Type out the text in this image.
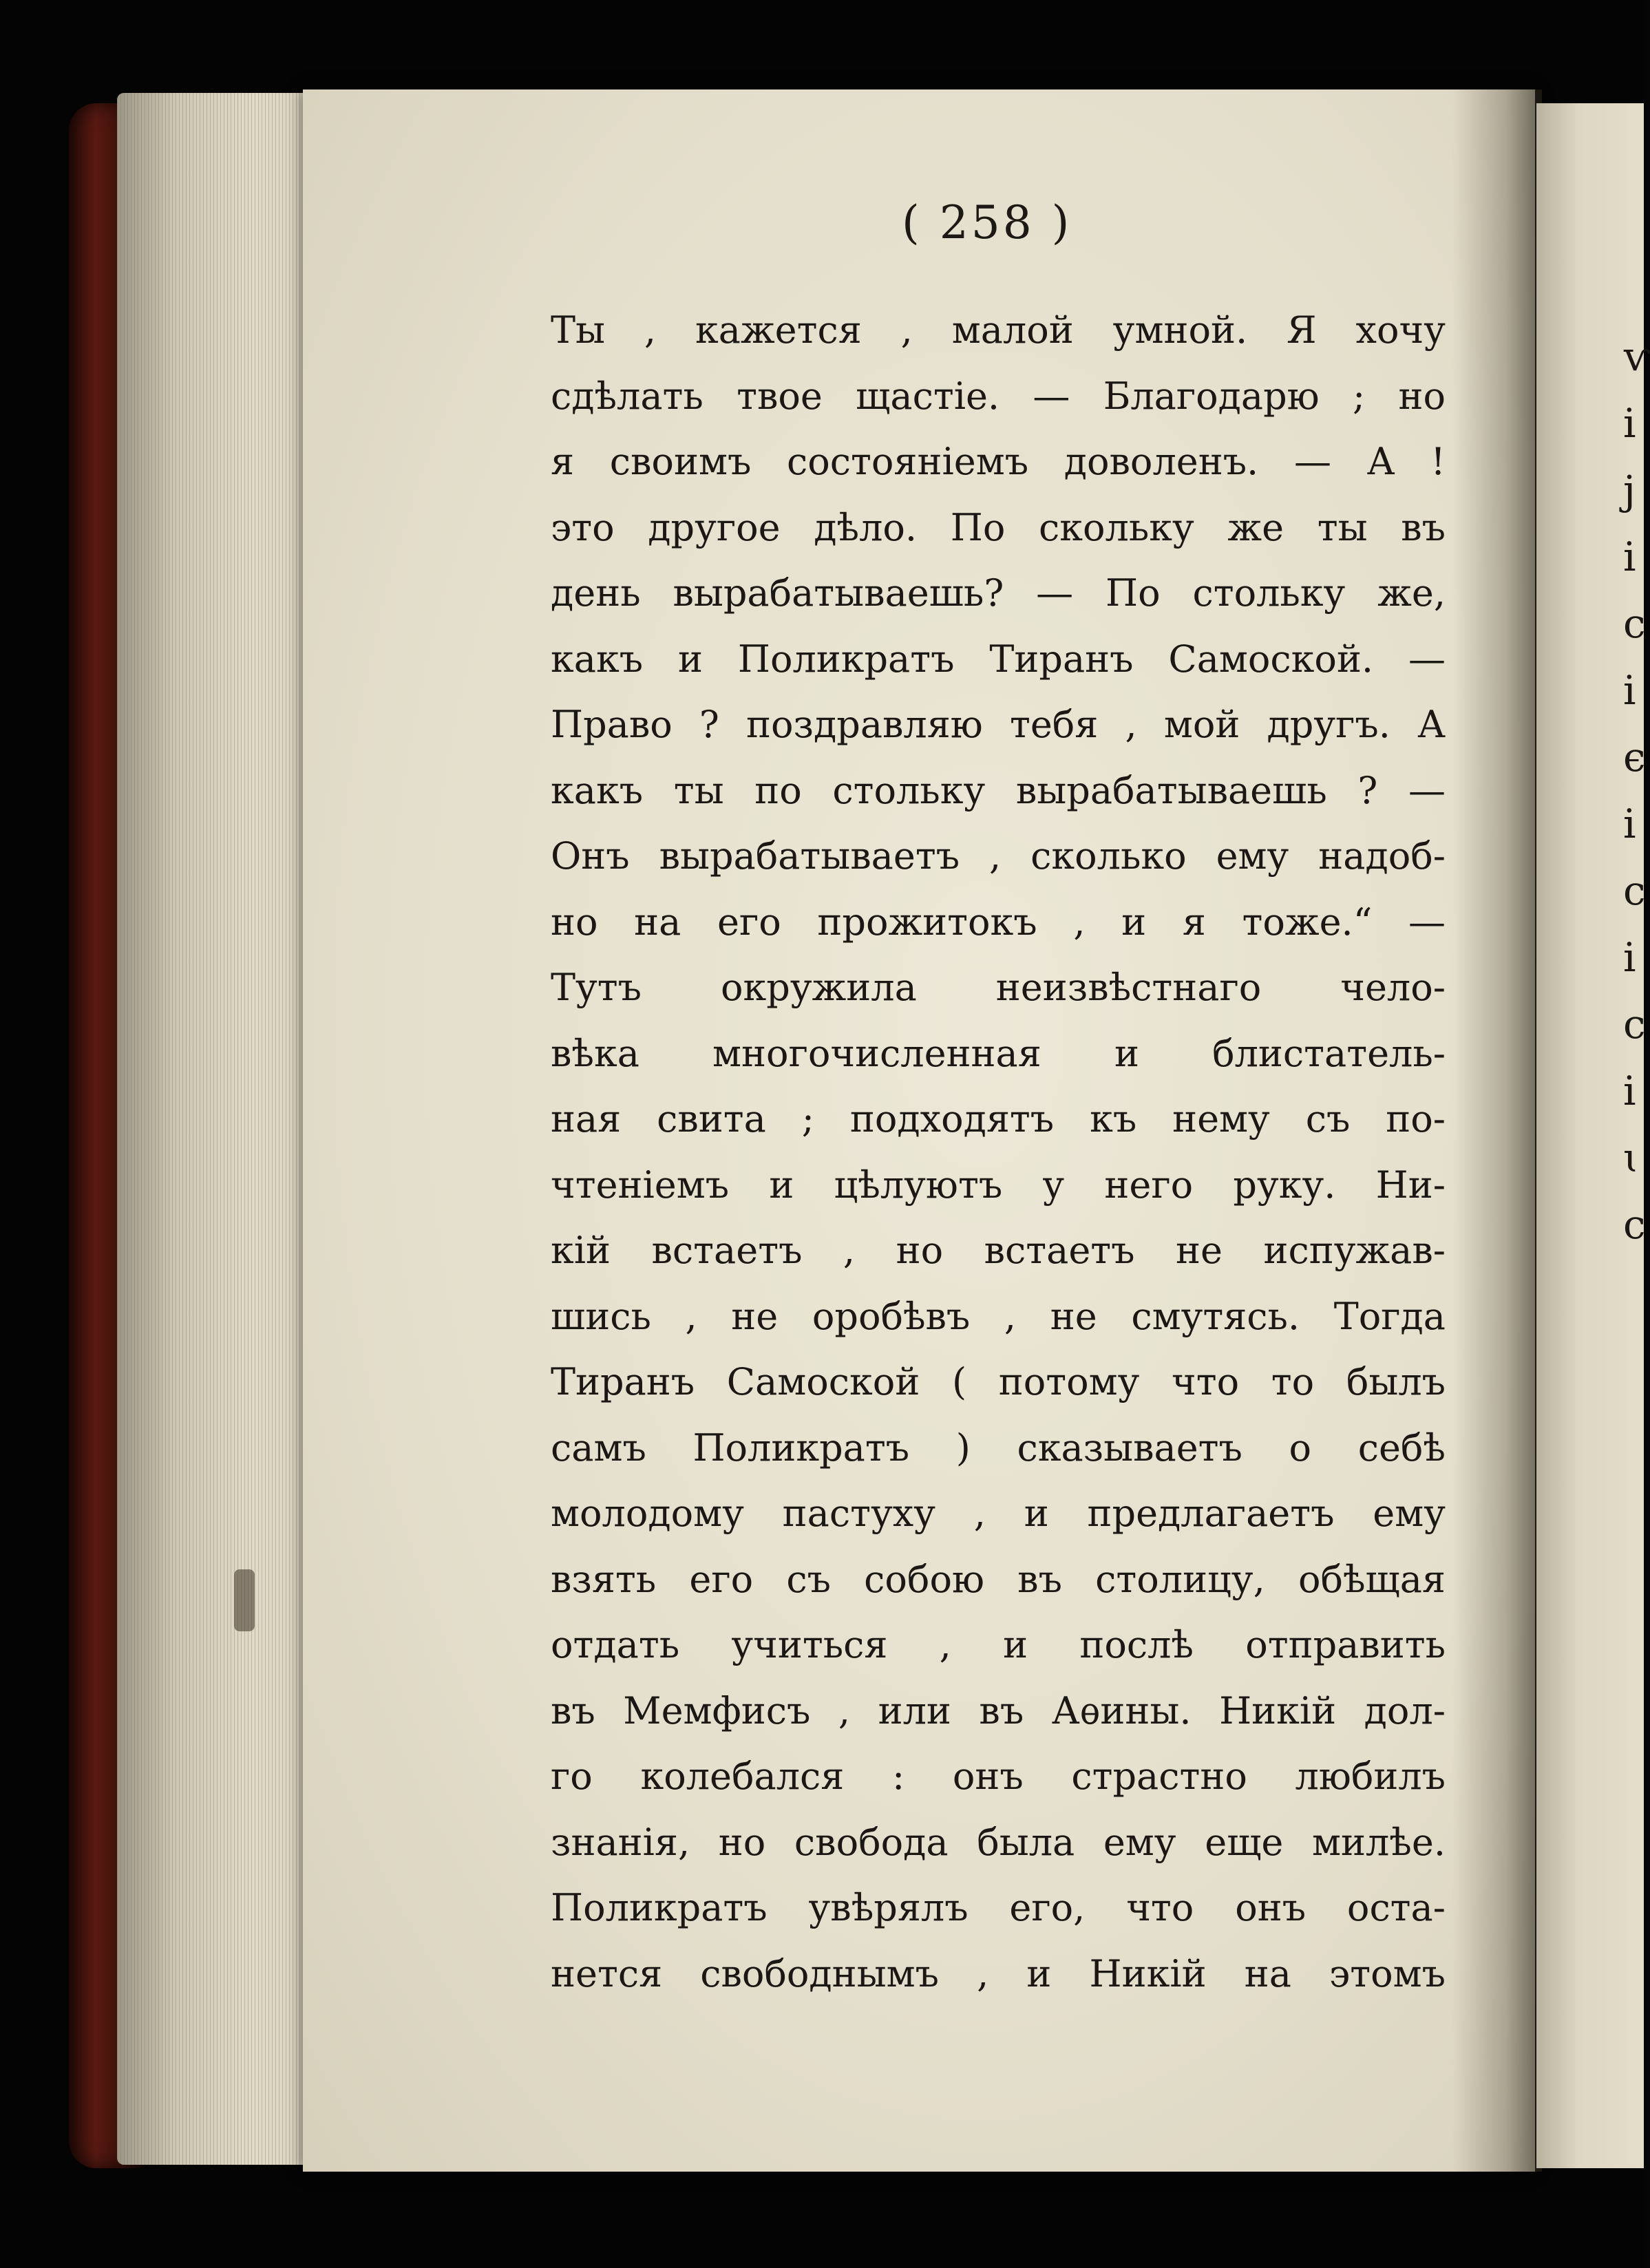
ѵ
і
ј
і
с
і
є
і
с
і
с
і
ɩ
с
( 258 )
Ты , кажется , малой умной. Я хочу
сдѣлать твое щастіе. — Благодарю ; но
я своимъ состояніемъ доволенъ. — А !
это другое дѣло. По скольку же ты въ
день вырабатываешь? — По стольку же,
какъ и Поликратъ Тиранъ Самоской. —
Право ? поздравляю тебя , мой другъ. А
какъ ты по стольку вырабатываешь ? —
Онъ вырабатываетъ , сколько ему надоб-
но на его прожитокъ , и я тоже.“ —
Тутъ окружила неизвѣстнаго чело-
вѣка многочисленная и блистатель-
ная свита ; подходятъ къ нему съ по-
чтеніемъ и цѣлуютъ у него руку. Ни-
кій встаетъ , но встаетъ не испужав-
шись , не оробѣвъ , не смутясь. Тогда
Тиранъ Самоской ( потому что то былъ
самъ Поликратъ ) сказываетъ о себѣ
молодому пастуху , и предлагаетъ ему
взять его съ собою въ столицу, обѣщая
отдать учиться , и послѣ отправить
въ Мемфисъ , или въ Аѳины. Никій дол-
го колебался : онъ страстно любилъ
знанія, но свобода была ему еще милѣе.
Поликратъ увѣрялъ его, что онъ оста-
нется свободнымъ , и Никій на этомъ
